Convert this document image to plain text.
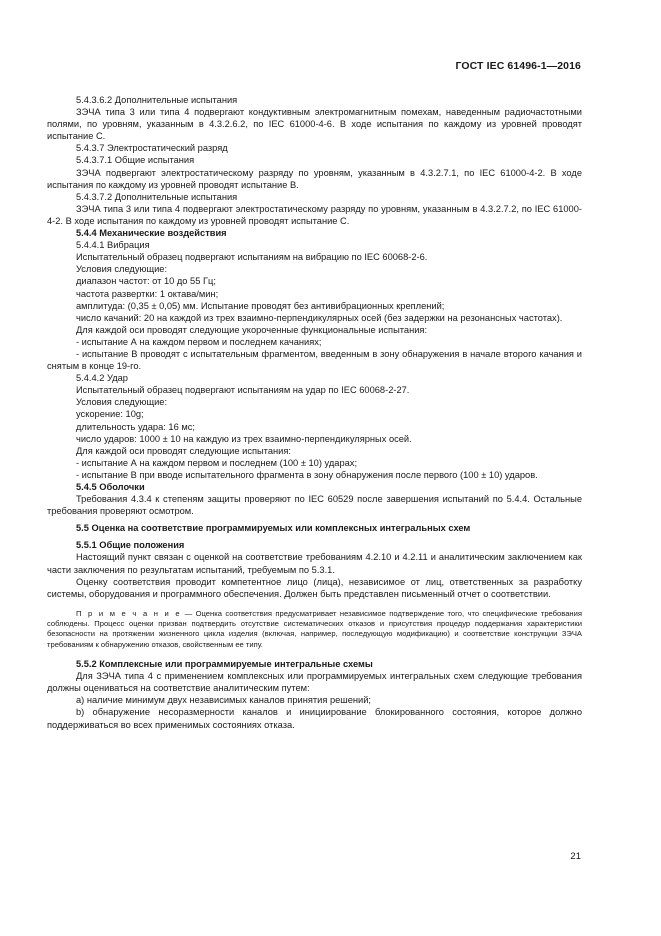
ГОСТ IEC 61496-1—2016

5.4.3.6.2 Дополнительные испытания

ЗЭЧА типа 3 или типа 4 подвергают кондуктивным электромагнитным помехам, наведенным радиочастотными полями, по уровням, указанным в 4.3.2.6.2, по IEC 61000-4-6. В ходе испытания по каждому из уровней проводят испытание С.

5.4.3.7 Электростатический разряд

5.4.3.7.1 Общие испытания

ЗЭЧА подвергают электростатическому разряду по уровням, указанным в 4.3.2.7.1, по IEC 61000-4-2. В ходе испытания по каждому из уровней проводят испытание В.

5.4.3.7.2 Дополнительные испытания

ЗЭЧА типа 3 или типа 4 подвергают электростатическому разряду по уровням, указанным в 4.3.2.7.2, по IEC 61000-4-2. В ходе испытания по каждому из уровней проводят испытание С.

5.4.4 Механические воздействия

5.4.4.1 Вибрация

Испытательный образец подвергают испытаниям на вибрацию по IEC 60068-2-6.

Условия следующие:

диапазон частот: от 10 до 55 Гц;

частота развертки: 1 октава/мин;

амплитуда: (0,35 ± 0,05) мм. Испытание проводят без антивибрационных креплений;

число качаний: 20 на каждой из трех взаимно-перпендикулярных осей (без задержки на резонансных частотах).

Для каждой оси проводят следующие укороченные функциональные испытания:

- испытание А на каждом первом и последнем качаниях;

- испытание В проводят с испытательным фрагментом, введенным в зону обнаружения в начале второго качания и снятым в конце 19-го.

5.4.4.2 Удар

Испытательный образец подвергают испытаниям на удар по IEC 60068-2-27.

Условия следующие:

ускорение: 10g;

длительность удара: 16 мс;

число ударов: 1000 ± 10 на каждую из трех взаимно-перпендикулярных осей.

Для каждой оси проводят следующие испытания:

- испытание А на каждом первом и последнем (100 ± 10) ударах;

- испытание В при вводе испытательного фрагмента в зону обнаружения после первого (100 ± 10) ударов.

5.4.5 Оболочки

Требования 4.3.4 к степеням защиты проверяют по IEC 60529 после завершения испытаний по 5.4.4. Остальные требования проверяют осмотром.

5.5 Оценка на соответствие программируемых или комплексных интегральных схем

5.5.1 Общие положения

Настоящий пункт связан с оценкой на соответствие требованиям 4.2.10 и 4.2.11 и аналитическим заключением как части заключения по результатам испытаний, требуемым по 5.3.1.

Оценку соответствия проводит компетентное лицо (лица), независимое от лиц, ответственных за разработку системы, оборудования и программного обеспечения. Должен быть представлен письменный отчет о соответствии.

П р и м е ч а н и е — Оценка соответствия предусматривает независимое подтверждение того, что специфические требования соблюдены. Процесс оценки призван подтвердить отсутствие систематических отказов и присутствия процедур поддержания характеристики безопасности на протяжении жизненного цикла изделия (включая, например, последующую модификацию) и соответствие конструкции ЗЭЧА требованиям к обнаружению отказов, свойственным ее типу.

5.5.2 Комплексные или программируемые интегральные схемы

Для ЗЭЧА типа 4 с применением комплексных или программируемых интегральных схем следующие требования должны оцениваться на соответствие аналитическим путем:

a) наличие минимум двух независимых каналов принятия решений;

b) обнаружение несоразмерности каналов и инициирование блокированного состояния, которое должно поддерживаться во всех применимых состояниях отказа.

21
